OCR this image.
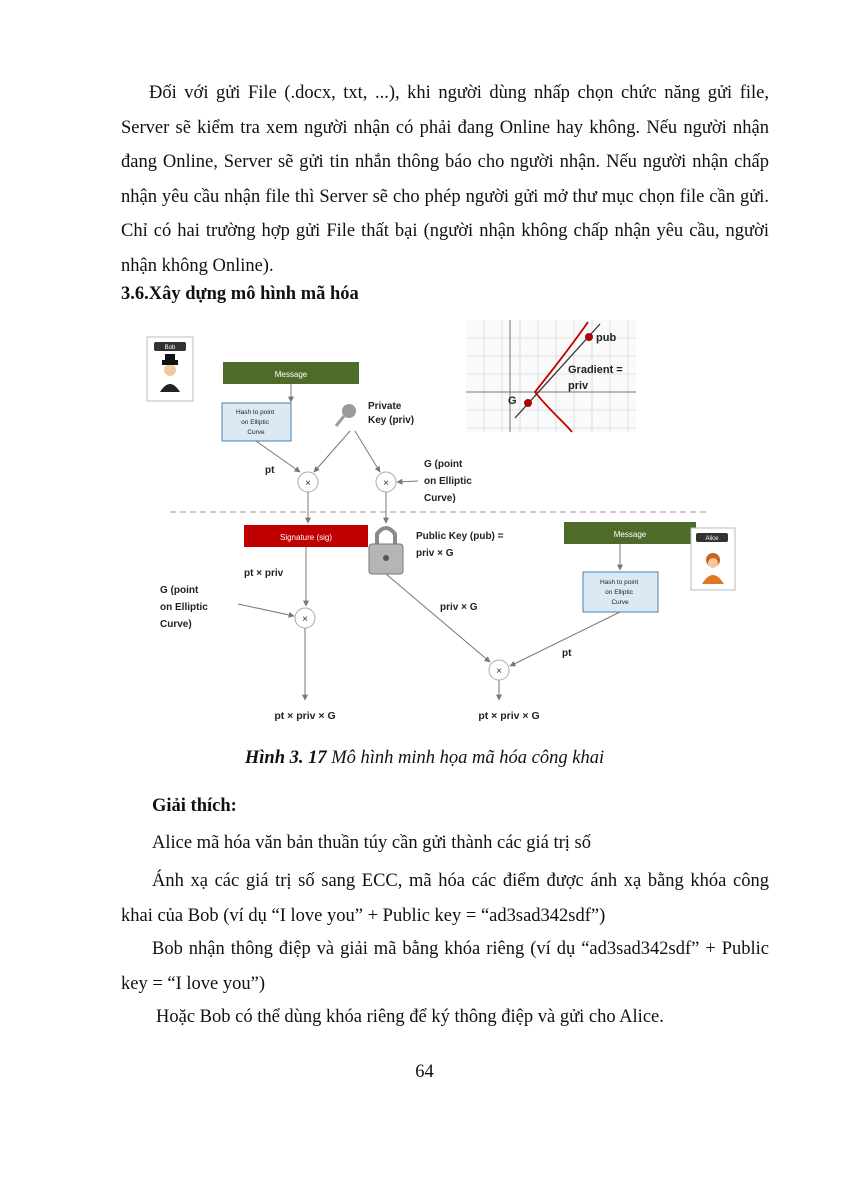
Đối với gửi File (.docx, txt, ...), khi người dùng nhấp chọn chức năng gửi file, Server sẽ kiểm tra xem người nhận có phải đang Online hay không. Nếu người nhận đang Online, Server sẽ gửi tin nhắn thông báo cho người nhận. Nếu người nhận chấp nhận yêu cầu nhận file thì Server sẽ cho phép người gửi mở thư mục chọn file cần gửi. Chỉ có hai trường hợp gửi File thất bại (người nhận không chấp nhận yêu cầu, người nhận không Online).

3.6.Xây dựng mô hình mã hóa

Bob
Message
Hash to point on Elliptic Curve
Private Key (priv)
pt
×	×
G (point on Elliptic Curve)
pub
Gradient = priv
G
Signature (sig)	Public Key (pub) = priv × G
Message
Hash to point on Elliptic Curve
Alice
pt × priv
G (point on Elliptic Curve)	×
pt × priv × G
priv × G
pt
×
pt × priv × G
Hình 3. 17 Mô hình minh họa mã hóa công khai
Giải thích:

Alice mã hóa văn bản thuần túy cần gửi thành các giá trị số

Ánh xạ các giá trị số sang ECC, mã hóa các điểm được ánh xạ bằng khóa công khai của Bob (ví dụ “I love you” + Public key = “ad3sad342sdf”)

Bob nhận thông điệp và giải mã bằng khóa riêng (ví dụ “ad3sad342sdf” + Public key = “I love you”)

Hoặc Bob có thể dùng khóa riêng để ký thông điệp và gửi cho Alice.

64
